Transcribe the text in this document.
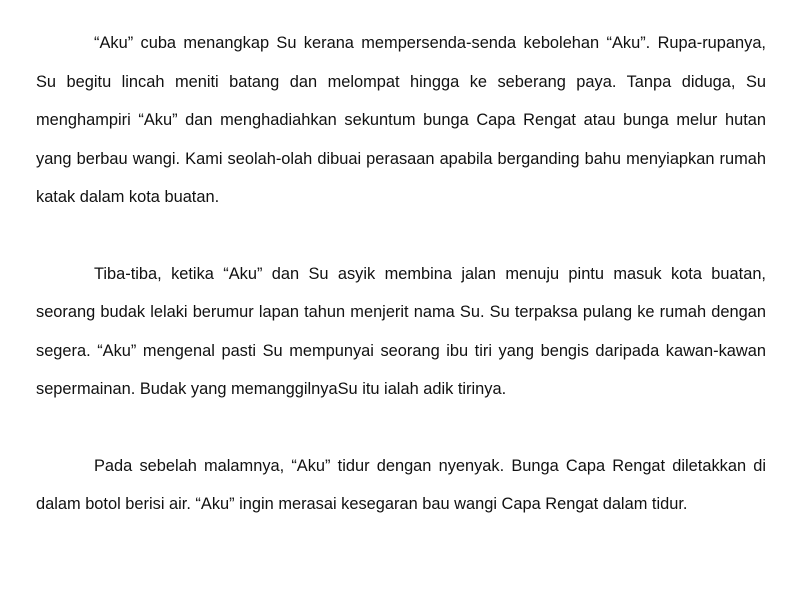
“Aku” cuba menangkap Su kerana mempersenda-senda kebolehan “Aku”. Rupa-rupanya, Su begitu lincah meniti batang dan melompat hingga ke seberang paya. Tanpa diduga, Su menghampiri “Aku” dan menghadiahkan sekuntum bunga Capa Rengat atau bunga melur hutan yang berbau wangi. Kami seolah-olah dibuai perasaan apabila berganding bahu menyiapkan rumah katak dalam kota buatan.

Tiba-tiba, ketika “Aku” dan Su asyik membina jalan menuju pintu masuk kota buatan, seorang budak lelaki berumur lapan tahun menjerit nama Su. Su terpaksa pulang ke rumah dengan segera. “Aku” mengenal pasti Su mempunyai seorang ibu tiri yang bengis daripada kawan-kawan sepermainan. Budak yang memanggilnyaSu itu ialah adik tirinya.

Pada sebelah malamnya, “Aku” tidur dengan nyenyak. Bunga Capa Rengat diletakkan di dalam botol berisi air. “Aku” ingin merasai kesegaran bau wangi Capa Rengat dalam tidur.
